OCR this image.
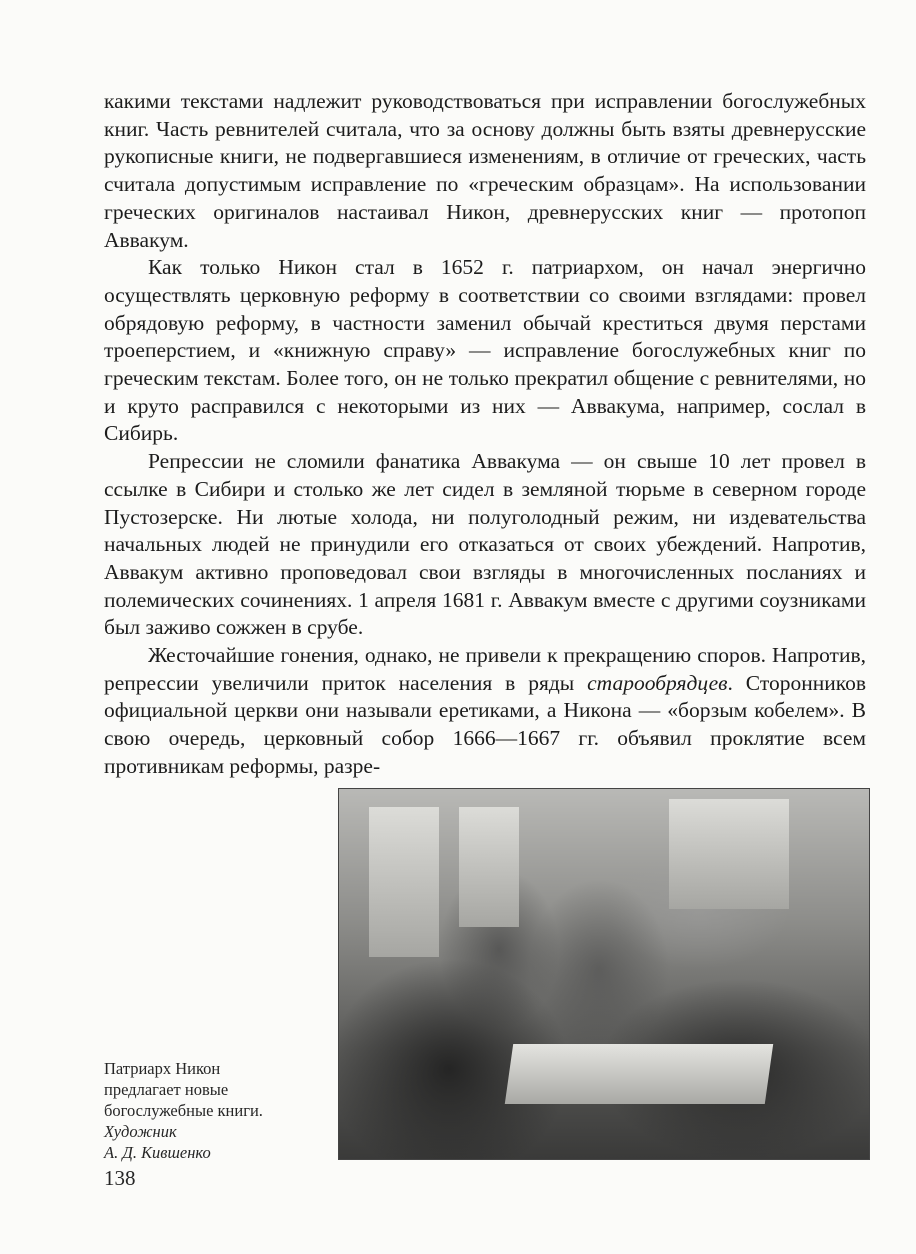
какими текстами надлежит руководствоваться при исправлении богослужебных книг. Часть ревнителей считала, что за основу должны быть взяты древнерусские рукописные книги, не подвергавшиеся изменениям, в отличие от греческих, часть считала допустимым исправление по «греческим образцам». На использовании греческих оригиналов настаивал Никон, древнерусских книг — протопоп Аввакум.

Как только Никон стал в 1652 г. патриархом, он начал энергично осуществлять церковную реформу в соответствии со своими взглядами: провел обрядовую реформу, в частности заменил обычай креститься двумя перстами троеперстием, и «книжную справу» — исправление богослужебных книг по греческим текстам. Более того, он не только прекратил общение с ревнителями, но и круто расправился с некоторыми из них — Аввакума, например, сослал в Сибирь.

Репрессии не сломили фанатика Аввакума — он свыше 10 лет провел в ссылке в Сибири и столько же лет сидел в земляной тюрьме в северном городе Пустозерске. Ни лютые холода, ни полуголодный режим, ни издевательства начальных людей не принудили его отказаться от своих убеждений. Напротив, Аввакум активно проповедовал свои взгляды в многочисленных посланиях и полемических сочинениях. 1 апреля 1681 г. Аввакум вместе с другими соузниками был заживо сожжен в срубе.

Жесточайшие гонения, однако, не привели к прекращению споров. Напротив, репрессии увеличили приток населения в ряды старообрядцев. Сторонников официальной церкви они называли еретиками, а Никона — «борзым кобелем». В свою очередь, церковный собор 1666—1667 гг. объявил проклятие всем противникам реформы, разре-

Патриарх Никон
предлагает новые
богослужебные книги.
Художник
А. Д. Кившенко
138
